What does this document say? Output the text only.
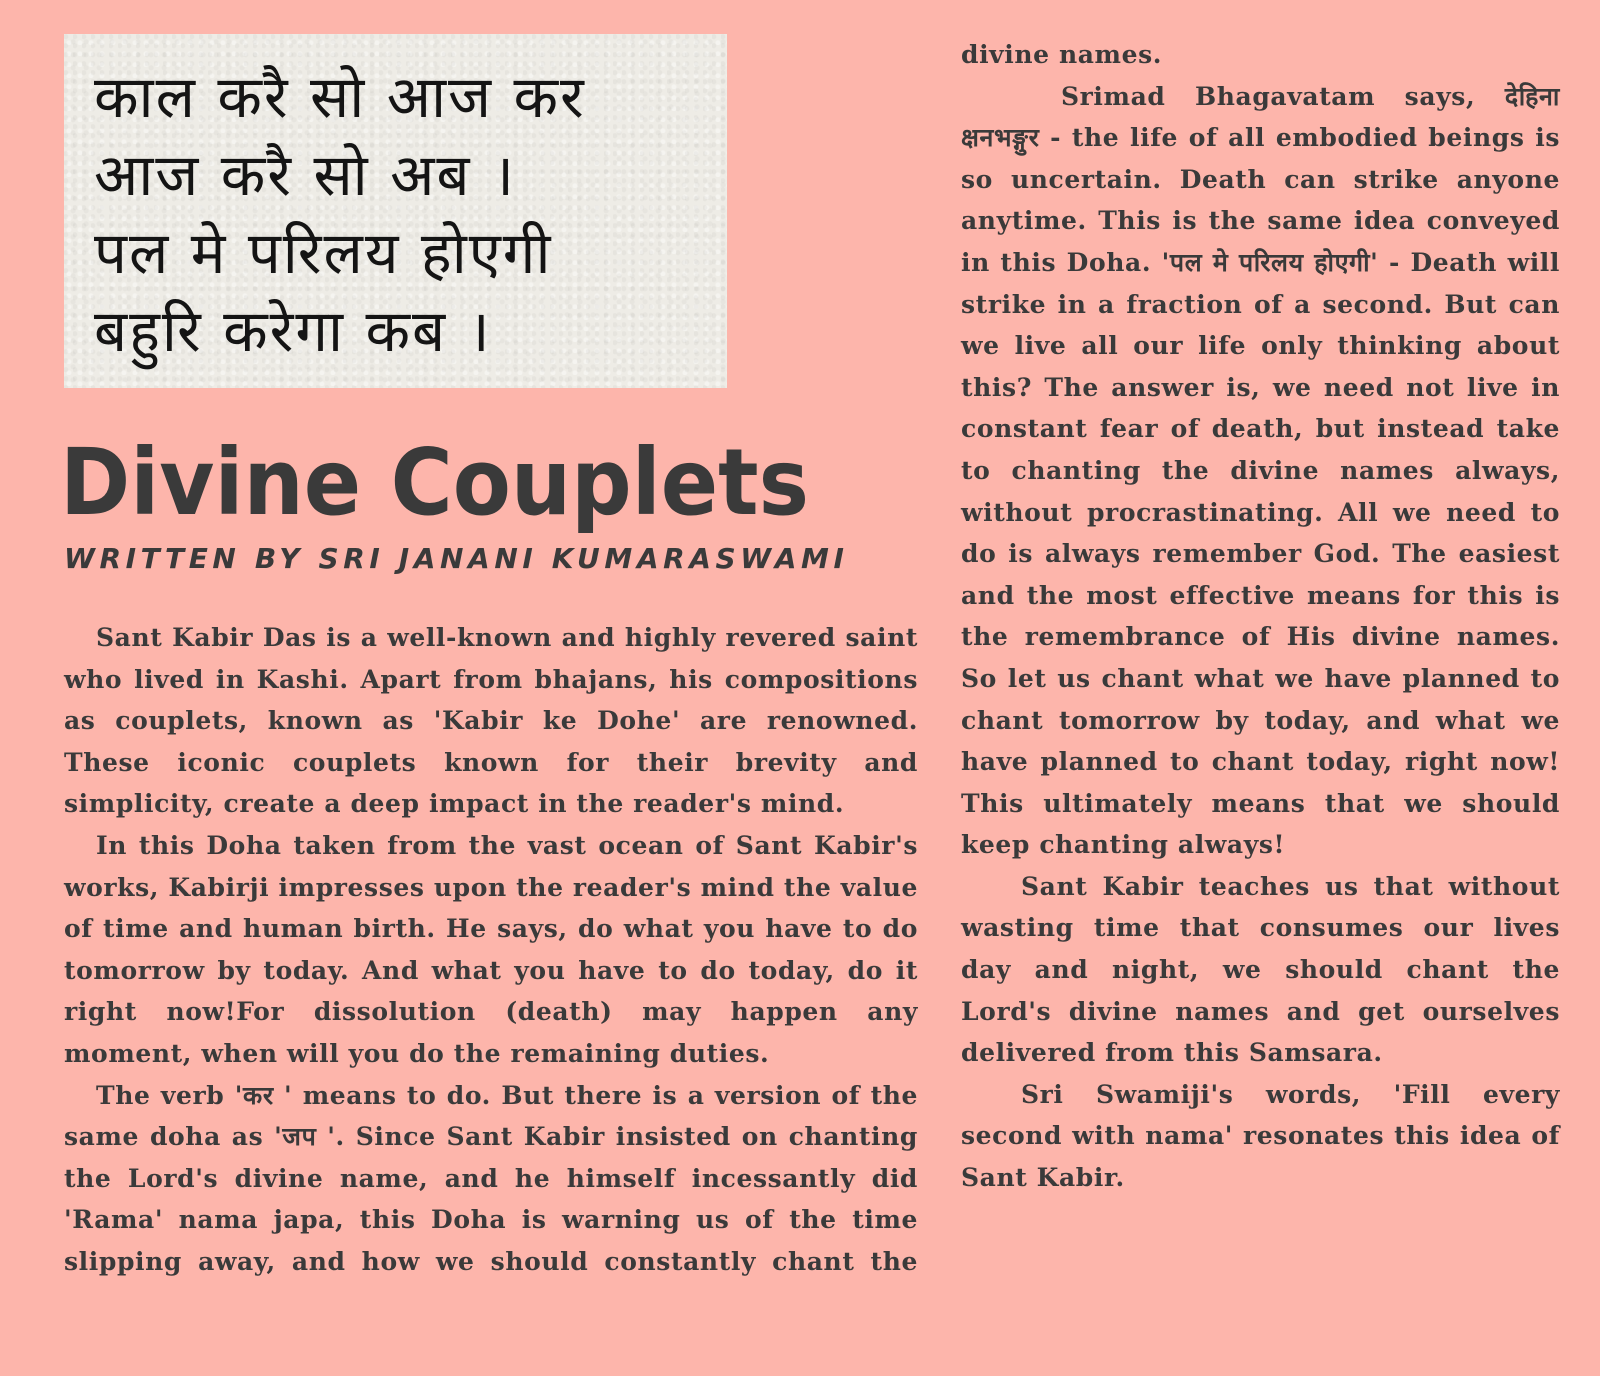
काल करै सो आज कर
आज करै सो अब ।
पल मे परिलय होएगी
बहुरि करेगा कब ।
Divine Couplets
WRITTEN BY SRI JANANI KUMARASWAMI

Sant Kabir Das is a well-known and highly revered saint who lived in Kashi. Apart from bhajans, his compositions as couplets, known as 'Kabir ke Dohe' are renowned. These iconic couplets known for their brevity and simplicity, create a deep impact in the reader's mind.

In this Doha taken from the vast ocean of Sant Kabir's works, Kabirji impresses upon the reader's mind the value of time and human birth. He says, do what you have to do tomorrow by today. And what you have to do today, do it right now!For dissolution (death) may happen any moment, when will you do the remaining duties.

The verb 'कर ' means to do. But there is a version of the same doha as 'जप '. Since Sant Kabir insisted on chanting the Lord's divine name, and he himself incessantly did 'Rama' nama japa, this Doha is warning us of the time slipping away, and how we should constantly chant the

divine names.

Srimad Bhagavatam says, देहिना क्षनभङ्गुर - the life of all embodied beings is so uncertain. Death can strike anyone anytime. This is the same idea conveyed in this Doha. 'पल मे परिलय होएगी' - Death will strike in a fraction of a second. But can we live all our life only thinking about this? The answer is, we need not live in constant fear of death, but instead take to chanting the divine names always, without procrastinating. All we need to do is always remember God. The easiest and the most effective means for this is the remembrance of His divine names. So let us chant what we have planned to chant tomorrow by today, and what we have planned to chant today, right now! This ultimately means that we should keep chanting always!

Sant Kabir teaches us that without wasting time that consumes our lives day and night, we should chant the Lord's divine names and get ourselves delivered from this Samsara.

Sri Swamiji's words, 'Fill every second with nama' resonates this idea of Sant Kabir.
